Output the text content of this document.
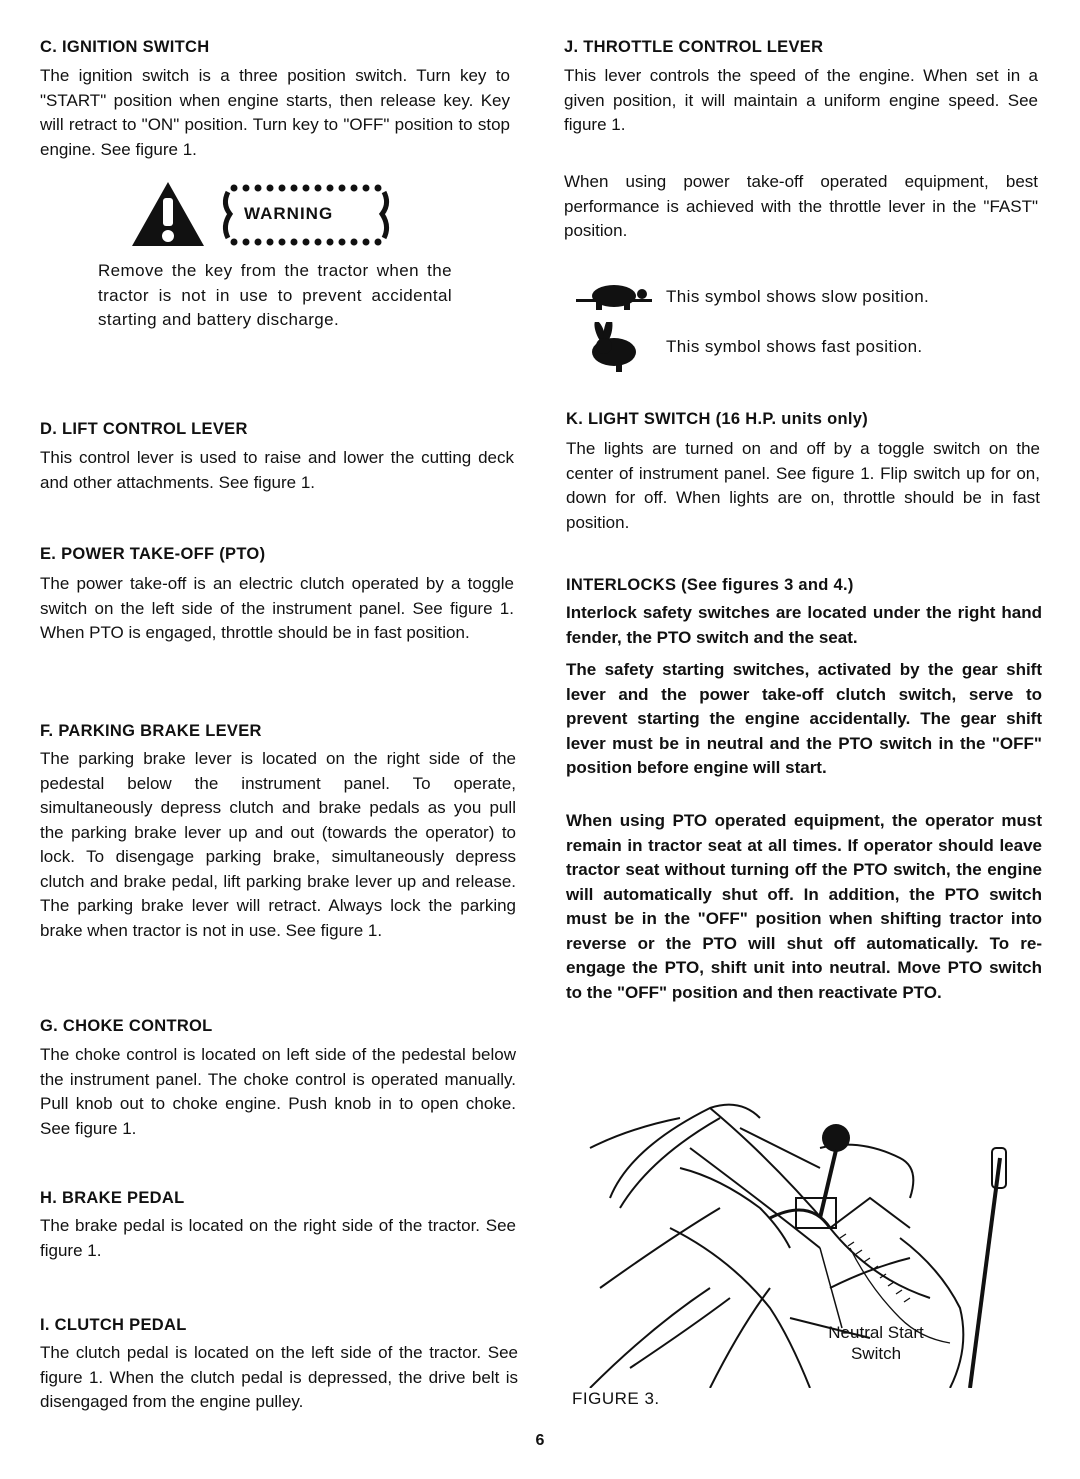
C. IGNITION SWITCH

The ignition switch is a three position switch. Turn key to "START" position when engine starts, then release key. Key will retract to "ON" position. Turn key to "OFF" position to stop engine. See figure 1.

WARNING

Remove the key from the tractor when the tractor is not in use to prevent accidental starting and battery discharge.

D. LIFT CONTROL LEVER

This control lever is used to raise and lower the cutting deck and other attachments. See figure 1.

E. POWER TAKE-OFF (PTO)

The power take-off is an electric clutch operated by a toggle switch on the left side of the instrument panel. See figure 1. When PTO is engaged, throttle should be in fast position.

F. PARKING BRAKE LEVER

The parking brake lever is located on the right side of the pedestal below the instrument panel. To operate, simultaneously depress clutch and brake pedals as you pull the parking brake lever up and out (towards the operator) to lock. To disengage parking brake, simultaneously depress clutch and brake pedal, lift parking brake lever up and release. The parking brake lever will retract. Always lock the parking brake when tractor is not in use. See figure 1.

G. CHOKE CONTROL

The choke control is located on left side of the pedestal below the instrument panel. The choke control is operated manually. Pull knob out to choke engine. Push knob in to open choke. See figure 1.

H. BRAKE PEDAL

The brake pedal is located on the right side of the tractor. See figure 1.

I. CLUTCH PEDAL

The clutch pedal is located on the left side of the tractor. See figure 1. When the clutch pedal is depressed, the drive belt is disengaged from the engine pulley.

J. THROTTLE CONTROL LEVER

This lever controls the speed of the engine. When set in a given position, it will maintain a uniform engine speed. See figure 1.

When using power take-off operated equipment, best performance is achieved with the throttle lever in the "FAST" position.

This symbol shows slow position.
This symbol shows fast position.
K. LIGHT SWITCH (16 H.P. units only)

The lights are turned on and off by a toggle switch on the center of instrument panel. See figure 1. Flip switch up for on, down for off. When lights are on, throttle should be in fast position.

INTERLOCKS (See figures 3 and 4.)

Interlock safety switches are located under the right hand fender, the PTO switch and the seat.

The safety starting switches, activated by the gear shift lever and the power take-off clutch switch, serve to prevent starting the engine accidentally. The gear shift lever must be in neutral and the PTO switch in the "OFF" position before engine will start.

When using PTO operated equipment, the operator must remain in tractor seat at all times. If operator should leave tractor seat without turning off the PTO switch, the engine will automatically shut off. In addition, the PTO switch must be in the "OFF" position when shifting tractor into reverse or the PTO will shut off automatically. To re-engage the PTO, shift unit into neutral. Move PTO switch to the "OFF" position and then reactivate PTO.

Neutral Start
Switch
FIGURE 3.
6
